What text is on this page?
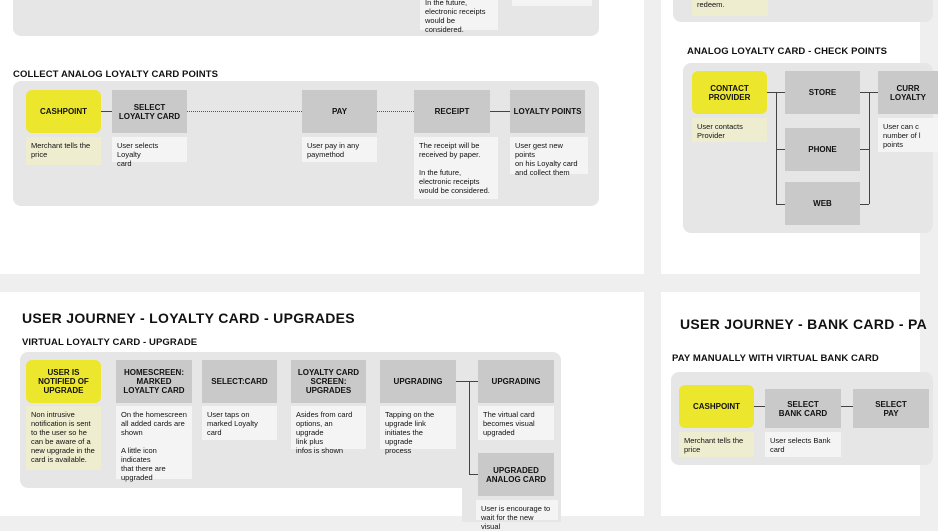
In the future,
electronic receipts
would be considered.
COLLECT ANALOG LOYALTY CARD POINTS
CASHPOINT
Merchant tells the
price
SELECT
LOYALTY CARD
User selects Loyalty
card
PAY
User pay in any
paymethod
RECEIPT
The receipt will be
received by paper.

In the future,
electronic receipts
would be considered.
LOYALTY POINTS
User gest new points
on his Loyalty card
and collect them
redeem.
ANALOG LOYALTY CARD - CHECK POINTS
CONTACT
PROVIDER
User contacts
Provider
STORE
PHONE
WEB
CURR
LOYALTY
User can c
number of l
points
USER JOURNEY - LOYALTY CARD - UPGRADES
VIRTUAL LOYALTY CARD - UPGRADE
USER IS
NOTIFIED OF
UPGRADE
Non intrusive
notification is sent
to the user so he
can be aware of a
new upgrade in the
card is available.
HOMESCREEN:
MARKED
LOYALTY CARD
On the homescreen
all added cards are
shown

A little icon indicates
that there are
upgraded
SELECT:CARD
User taps on
marked Loyalty
card
LOYALTY CARD
SCREEN:
UPGRADES
Asides from card
options, an upgrade
link plus
infos is shown
UPGRADING
Tapping on the
upgrade link
initiates the upgrade
process
UPGRADING
The virtual card
becomes visual
upgraded
UPGRADED
ANALOG CARD
User is encourage to
wait for the new visual
USER JOURNEY - BANK CARD - PA
PAY MANUALLY WITH VIRTUAL BANK CARD
CASHPOINT
Merchant tells the
price
SELECT
BANK CARD
User selects Bank
card
SELECT
PAY
